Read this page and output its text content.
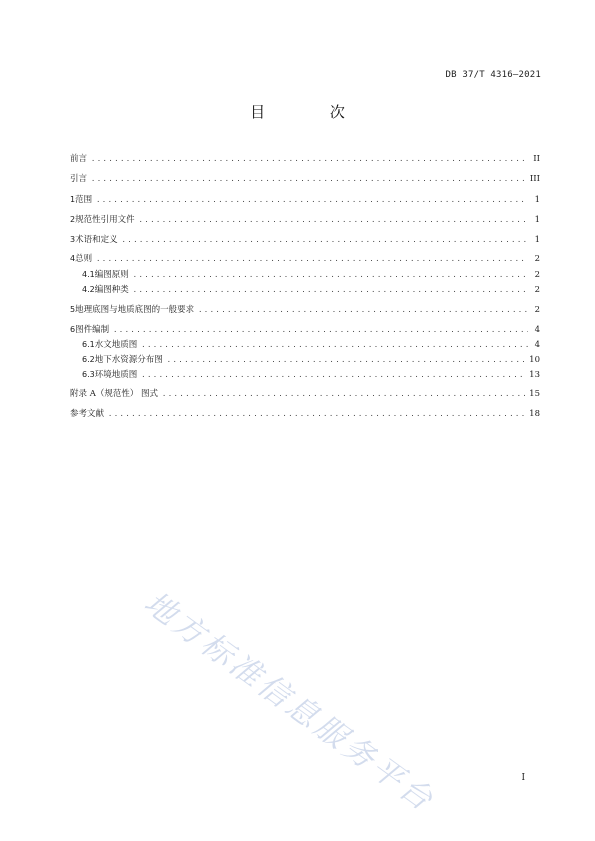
DB 37/T 4316—2021
目 次
前言 .....	II
引言 .....	III
1 范围 .....	1
2 规范性引用文件 .....	1
3 术语和定义 .....	1
4 总则 .....	2
4.1 编图原则 .....	2
4.2 编图种类 .....	2
5 地理底图与地质底图的一般要求 .....	2
6 图件编制 .....	4
6.1 水文地质图 .....	4
6.2 地下水资源分布图 .....	10
6.3 环境地质图 .....	13
附录 A（规范性） 图式 .....	15
参考文献 .....	18
地方标准信息服务平台	I
